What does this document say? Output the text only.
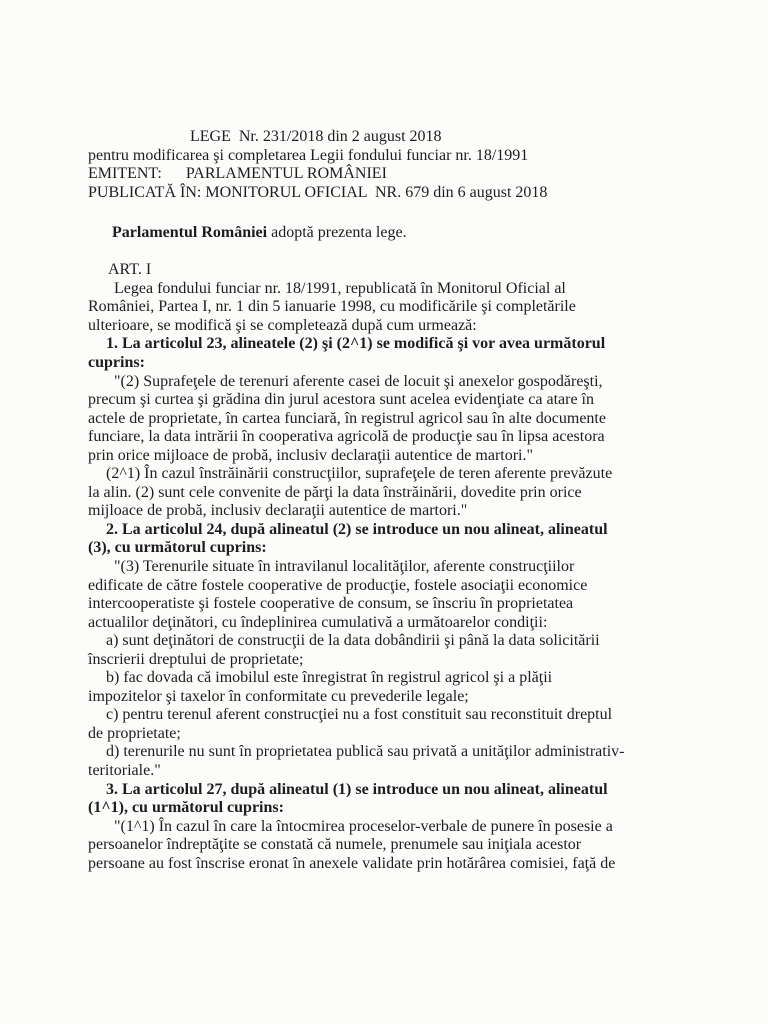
LEGE  Nr. 231/2018 din 2 august 2018
pentru modificarea şi completarea Legii fondului funciar nr. 18/1991
EMITENT:      PARLAMENTUL ROMÂNIEI
PUBLICATĂ ÎN: MONITORUL OFICIAL  NR. 679 din 6 august 2018
Parlamentul României adoptă prezenta lege.
ART. I
Legea fondului funciar nr. 18/1991, republicată în Monitorul Oficial al
României, Partea I, nr. 1 din 5 ianuarie 1998, cu modificările şi completările
ulterioare, se modifică şi se completează după cum urmează:
1. La articolul 23, alineatele (2) şi (2^1) se modifică şi vor avea următorul
cuprins:
"(2) Suprafeţele de terenuri aferente casei de locuit şi anexelor gospodăreşti,
precum şi curtea şi grădina din jurul acestora sunt acelea evidenţiate ca atare în
actele de proprietate, în cartea funciară, în registrul agricol sau în alte documente
funciare, la data intrării în cooperativa agricolă de producţie sau în lipsa acestora
prin orice mijloace de probă, inclusiv declaraţii autentice de martori."
(2^1) În cazul înstrăinării construcţiilor, suprafeţele de teren aferente prevăzute
la alin. (2) sunt cele convenite de părţi la data înstrăinării, dovedite prin orice
mijloace de probă, inclusiv declaraţii autentice de martori."
2. La articolul 24, după alineatul (2) se introduce un nou alineat, alineatul
(3), cu următorul cuprins:
"(3) Terenurile situate în intravilanul localităţilor, aferente construcţiilor
edificate de către fostele cooperative de producţie, fostele asociaţii economice
intercooperatiste şi fostele cooperative de consum, se înscriu în proprietatea
actualilor deţinători, cu îndeplinirea cumulativă a următoarelor condiţii:
a) sunt deţinători de construcţii de la data dobândirii şi până la data solicitării
înscrierii dreptului de proprietate;
b) fac dovada că imobilul este înregistrat în registrul agricol şi a plăţii
impozitelor şi taxelor în conformitate cu prevederile legale;
c) pentru terenul aferent construcţiei nu a fost constituit sau reconstituit dreptul
de proprietate;
d) terenurile nu sunt în proprietatea publică sau privată a unităţilor administrativ-
teritoriale."
3. La articolul 27, după alineatul (1) se introduce un nou alineat, alineatul
(1^1), cu următorul cuprins:
"(1^1) În cazul în care la întocmirea proceselor-verbale de punere în posesie a
persoanelor îndreptăţite se constată că numele, prenumele sau iniţiala acestor
persoane au fost înscrise eronat în anexele validate prin hotărârea comisiei, faţă de
